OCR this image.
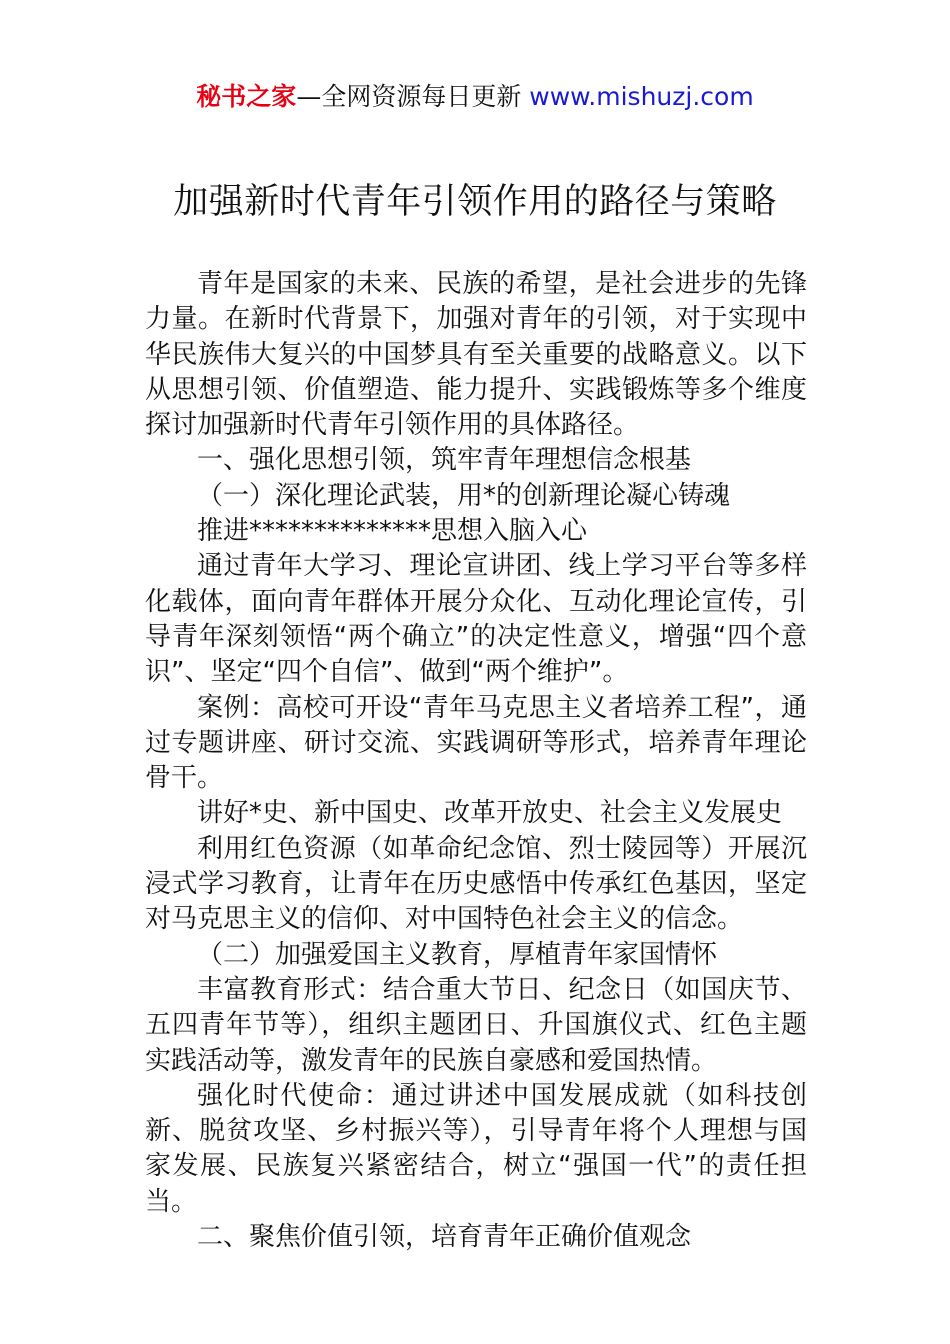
秘书之家—全网资源每日更新 www.mishuzj.com
加强新时代青年引领作用的路径与策略

青年是国家的未来、民族的希望，是社会进步的先锋力量。在新时代背景下，加强对青年的引领，对于实现中华民族伟大复兴的中国梦具有至关重要的战略意义。以下从思想引领、价值塑造、能力提升、实践锻炼等多个维度探讨加强新时代青年引领作用的具体路径。

一、强化思想引领，筑牢青年理想信念根基

（一）深化理论武装，用*的创新理论凝心铸魂

推进**************思想入脑入心

通过青年大学习、理论宣讲团、线上学习平台等多样化载体，面向青年群体开展分众化、互动化理论宣传，引导青年深刻领悟“两个确立”的决定性意义，增强“四个意识”、坚定“四个自信”、做到“两个维护”。

案例：高校可开设“青年马克思主义者培养工程”，通过专题讲座、研讨交流、实践调研等形式，培养青年理论骨干。

讲好*史、新中国史、改革开放史、社会主义发展史

利用红色资源（如革命纪念馆、烈士陵园等）开展沉浸式学习教育，让青年在历史感悟中传承红色基因，坚定对马克思主义的信仰、对中国特色社会主义的信念。

（二）加强爱国主义教育，厚植青年家国情怀

丰富教育形式：结合重大节日、纪念日（如国庆节、五四青年节等），组织主题团日、升国旗仪式、红色主题实践活动等，激发青年的民族自豪感和爱国热情。

强化时代使命：通过讲述中国发展成就（如科技创新、脱贫攻坚、乡村振兴等），引导青年将个人理想与国家发展、民族复兴紧密结合，树立“强国一代”的责任担当。

二、聚焦价值引领，培育青年正确价值观念
